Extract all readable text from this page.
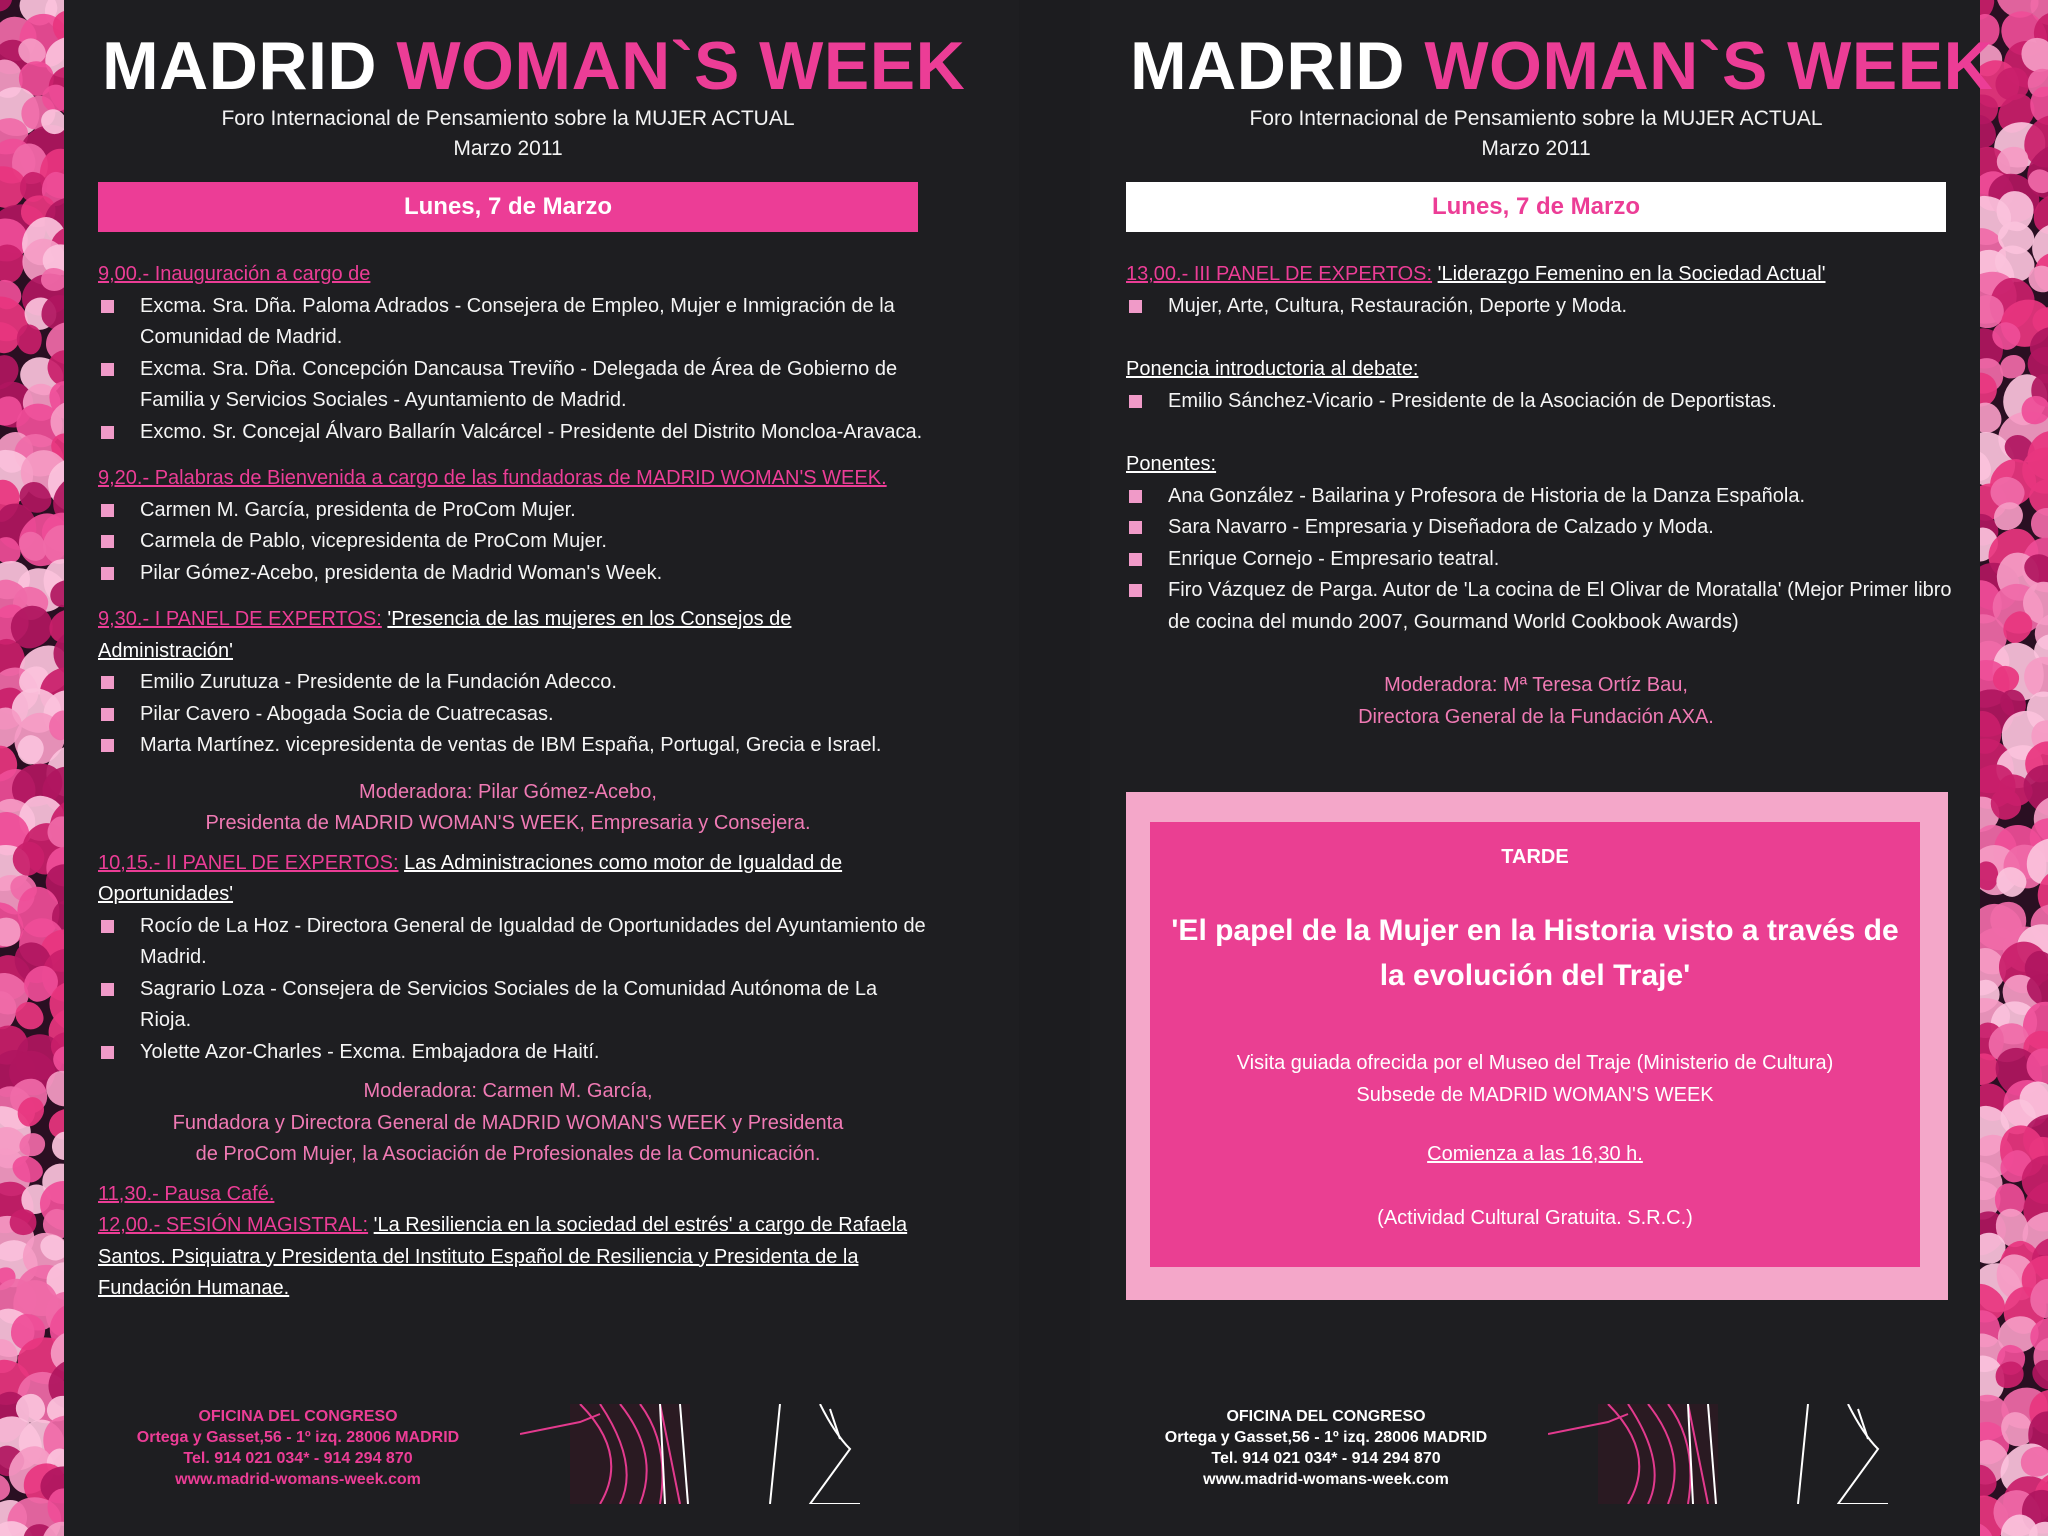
MADRID WOMAN`S WEEK
Foro Internacional de Pensamiento sobre la MUJER ACTUAL
Marzo 2011
Lunes, 7 de Marzo
9,00.- Inauguración a cargo de
Excma. Sra. Dña. Paloma Adrados - Consejera de Empleo, Mujer e Inmigración de la Comunidad de Madrid.
Excma. Sra. Dña. Concepción Dancausa Treviño - Delegada de Área de Gobierno de Familia y Servicios Sociales - Ayuntamiento de Madrid.
Excmo. Sr. Concejal Álvaro Ballarín Valcárcel - Presidente del Distrito Moncloa-Aravaca.
9,20.- Palabras de Bienvenida a cargo de las fundadoras de MADRID WOMAN'S WEEK.
Carmen M. García, presidenta de ProCom Mujer.
Carmela de Pablo, vicepresidenta de ProCom Mujer.
Pilar Gómez-Acebo, presidenta de Madrid Woman's Week.
9,30.- I PANEL DE EXPERTOS: 'Presencia de las mujeres en los Consejos de Administración'
Emilio Zurutuza - Presidente de la Fundación Adecco.
Pilar Cavero - Abogada Socia de Cuatrecasas.
Marta Martínez. vicepresidenta de ventas de IBM España, Portugal, Grecia e Israel.
Moderadora: Pilar Gómez-Acebo,
Presidenta de MADRID WOMAN'S WEEK, Empresaria y Consejera.
10,15.- II PANEL DE EXPERTOS: Las Administraciones como motor de Igualdad de Oportunidades'
Rocío de La Hoz - Directora General de Igualdad de Oportunidades del Ayuntamiento de Madrid.
Sagrario Loza - Consejera de Servicios Sociales de la Comunidad Autónoma de La Rioja.
Yolette Azor-Charles - Excma. Embajadora de Haití.
Moderadora: Carmen M. García,
Fundadora y Directora General de MADRID WOMAN'S WEEK y Presidenta
de ProCom Mujer, la Asociación de Profesionales de la Comunicación.
11,30.- Pausa Café.
12,00.- SESIÓN MAGISTRAL: 'La Resiliencia en la sociedad del estrés' a cargo de Rafaela Santos. Psiquiatra y Presidenta del Instituto Español de Resiliencia y Presidenta de la Fundación Humanae.
OFICINA DEL CONGRESO
Ortega y Gasset,56 - 1º izq. 28006 MADRID
Tel. 914 021 034* - 914 294 870
www.madrid-womans-week.com
MADRID WOMAN`S WEEK
Foro Internacional de Pensamiento sobre la MUJER ACTUAL
Marzo 2011
Lunes, 7 de Marzo
13,00.- III PANEL DE EXPERTOS: 'Liderazgo Femenino en la Sociedad Actual'
Mujer, Arte, Cultura, Restauración, Deporte y Moda.
Ponencia introductoria al debate:
Emilio Sánchez-Vicario - Presidente de la Asociación de Deportistas.
Ponentes:
Ana González - Bailarina y Profesora de Historia de la Danza Española.
Sara Navarro - Empresaria y Diseñadora de Calzado y Moda.
Enrique Cornejo - Empresario teatral.
Firo Vázquez de Parga. Autor de 'La cocina de El Olivar de Moratalla' (Mejor Primer libro de cocina del mundo 2007, Gourmand World Cookbook Awards)
Moderadora: Mª Teresa Ortíz Bau,
Directora General de la Fundación AXA.
TARDE
'El papel de la Mujer en la Historia visto a través de la evolución del Traje'
Visita guiada ofrecida por el Museo del Traje (Ministerio de Cultura)
Subsede de MADRID WOMAN'S WEEK
Comienza a las 16,30 h.
(Actividad Cultural Gratuita. S.R.C.)
OFICINA DEL CONGRESO
Ortega y Gasset,56 - 1º izq. 28006 MADRID
Tel. 914 021 034* - 914 294 870
www.madrid-womans-week.com
